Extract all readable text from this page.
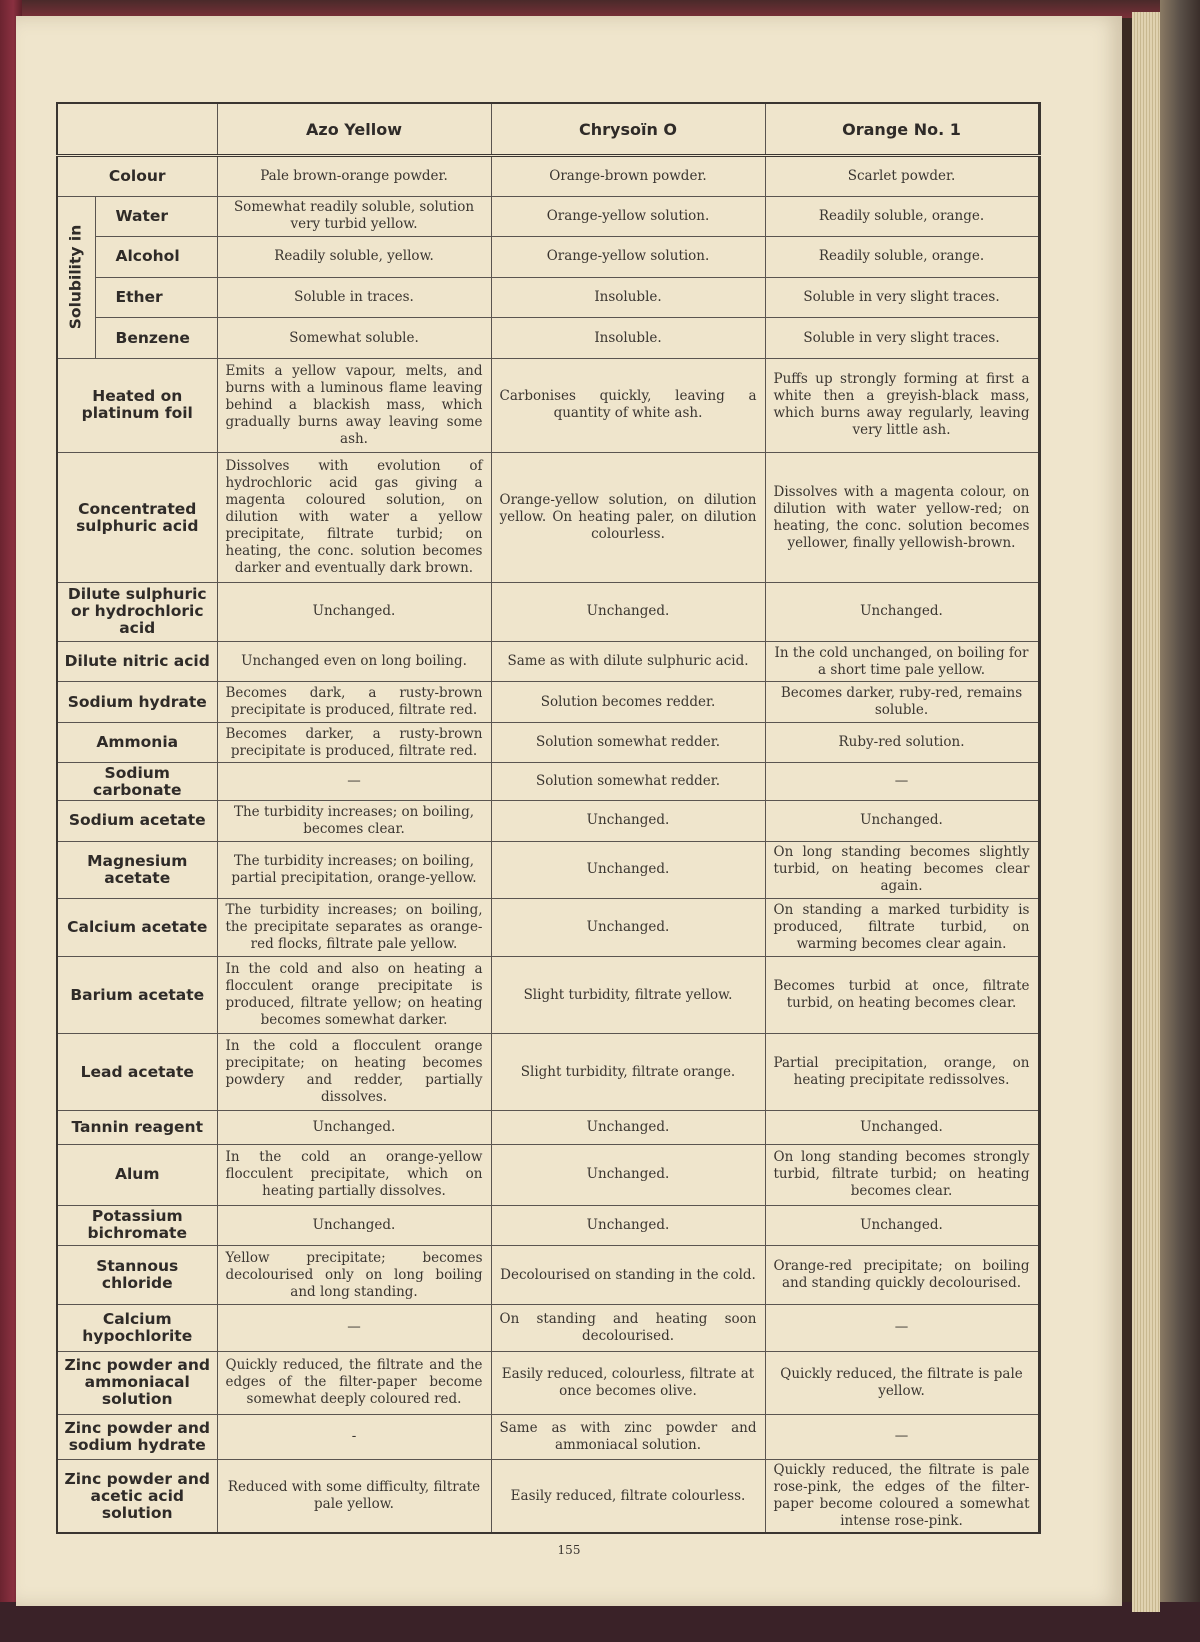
		Azo Yellow	Chrysoïn O	Orange No. 1
Colour		Pale brown-orange powder.	Orange-brown powder.	Scarlet powder.

Solubility in	Water	Somewhat readily soluble, solution very turbid yellow.	Orange-yellow solution.	Readily soluble, orange.
	Alcohol	Readily soluble, yellow.	Orange-yellow solution.	Readily soluble, orange.
	Ether	Soluble in traces.	Insoluble.	Soluble in very slight traces.
	Benzene	Somewhat soluble.	Insoluble.	Soluble in very slight traces.
Heated on platinum foil		Emits a yellow vapour, melts, and burns with a luminous flame leaving behind a blackish mass, which gradually burns away leaving some ash.	Carbonises quickly, leaving a quantity of white ash.	Puffs up strongly forming at first a white then a greyish-black mass, which burns away regularly, leaving very little ash.
Concentrated sulphuric acid		Dissolves with evolution of hydrochloric acid gas giving a magenta coloured solution, on dilution with water a yellow precipitate, filtrate turbid; on heating, the conc. solution becomes darker and eventually dark brown.	Orange-yellow solution, on dilution yellow. On heating paler, on dilution colourless.	Dissolves with a magenta colour, on dilution with water yellow-red; on heating, the conc. solution becomes yellower, finally yellowish-brown.
Dilute sulphuric or hydrochloric acid		Unchanged.	Unchanged.	Unchanged.
Dilute nitric acid		Unchanged even on long boiling.	Same as with dilute sulphuric acid.	In the cold unchanged, on boiling for a short time pale yellow.
Sodium hydrate		Becomes dark, a rusty-brown precipitate is produced, filtrate red.	Solution becomes redder.	Becomes darker, ruby-red, remains soluble.
Ammonia		Becomes darker, a rusty-brown precipitate is produced, filtrate red.	Solution somewhat redder.	Ruby-red solution.
Sodium carbonate		—	Solution somewhat redder.	—
Sodium acetate		The turbidity increases; on boiling, becomes clear.	Unchanged.	Unchanged.
Magnesium acetate		The turbidity increases; on boiling, partial precipitation, orange-yellow.	Unchanged.	On long standing becomes slightly turbid, on heating becomes clear again.
Calcium acetate		The turbidity increases; on boiling, the precipitate separates as orange-red flocks, filtrate pale yellow.	Unchanged.	On standing a marked turbidity is produced, filtrate turbid, on warming becomes clear again.
Barium acetate		In the cold and also on heating a flocculent orange precipitate is produced, filtrate yellow; on heating becomes somewhat darker.	Slight turbidity, filtrate yellow.	Becomes turbid at once, filtrate turbid, on heating becomes clear.
Lead acetate		In the cold a flocculent orange precipitate; on heating becomes powdery and redder, partially dissolves.	Slight turbidity, filtrate orange.	Partial precipitation, orange, on heating precipitate redissolves.
Tannin reagent		Unchanged.	Unchanged.	Unchanged.
Alum		In the cold an orange-yellow flocculent precipitate, which on heating partially dissolves.	Unchanged.	On long standing becomes strongly turbid, filtrate turbid; on heating becomes clear.
Potassium bichromate		Unchanged.	Unchanged.	Unchanged.
Stannous chloride		Yellow precipitate; becomes decolourised only on long boiling and long standing.	Decolourised on standing in the cold.	Orange-red precipitate; on boiling and standing quickly decolourised.
Calcium hypochlorite		—	On standing and heating soon decolourised.	—
Zinc powder and ammoniacal solution		Quickly reduced, the filtrate and the edges of the filter-paper become somewhat deeply coloured red.	Easily reduced, colourless, filtrate at once becomes olive.	Quickly reduced, the filtrate is pale yellow.
Zinc powder and sodium hydrate		-	Same as with zinc powder and ammoniacal solution.	—
Zinc powder and acetic acid solution		Reduced with some difficulty, filtrate pale yellow.	Easily reduced, filtrate colourless.	Quickly reduced, the filtrate is pale rose-pink, the edges of the filter-paper become coloured a somewhat intense rose-pink.
155
